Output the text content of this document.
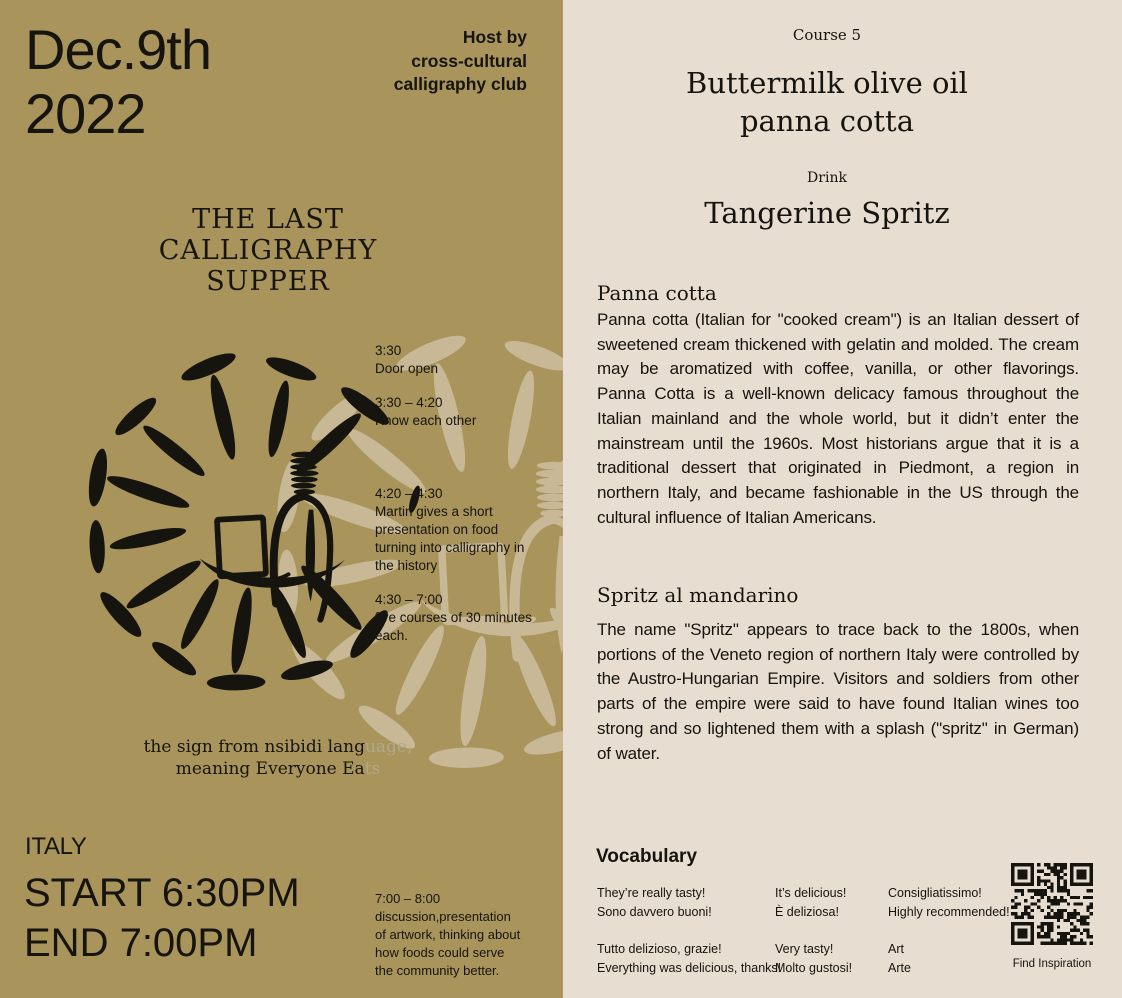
Dec.9th
2022
Host by
cross-cultural
calligraphy club
THE LAST
CALLIGRAPHY
SUPPER
3:30
Door open
3:30 – 4:20
Know each other
4:20 – 4:30
Martin gives a short presentation on food turning into calligraphy in the history
4:30 – 7:00
five courses of 30 minutes each.
the sign from nsibidi language,
meaning Everyone Eats
ITALY
START 6:30PM
END 7:00PM
7:00 – 8:00
discussion,presentation of artwork, thinking about how foods could serve the community better.
Course 5
Buttermilk olive oil
panna cotta
Drink
Tangerine Spritz
Panna cotta

Panna cotta (Italian for "cooked cream") is an Italian dessert of sweetened cream thickened with gelatin and molded. The cream may be aromatized with coffee, vanilla, or other flavorings. Panna Cotta is a well-known delicacy famous throughout the Italian mainland and the whole world, but it didn’t enter the mainstream until the 1960s. Most historians argue that it is a traditional dessert that originated in Piedmont, a region in northern Italy, and became fashionable in the US through the cultural influence of Italian Americans.

Spritz al mandarino

The name "Spritz" appears to trace back to the 1800s, when portions of the Veneto region of northern Italy were controlled by the Austro-Hungarian Empire. Visitors and soldiers from other parts of the empire were said to have found Italian wines too strong and so lightened them with a splash ("spritz" in German) of water.

Vocabulary
They’re really tasty!
Sono davvero buoni!
It’s delicious!
È deliziosa!
Consigliatissimo!
Highly recommended!
Tutto delizioso, grazie!
Everything was delicious, thanks!
Very tasty!
Molto gustosi!
Art
Arte	Find Inspiration
